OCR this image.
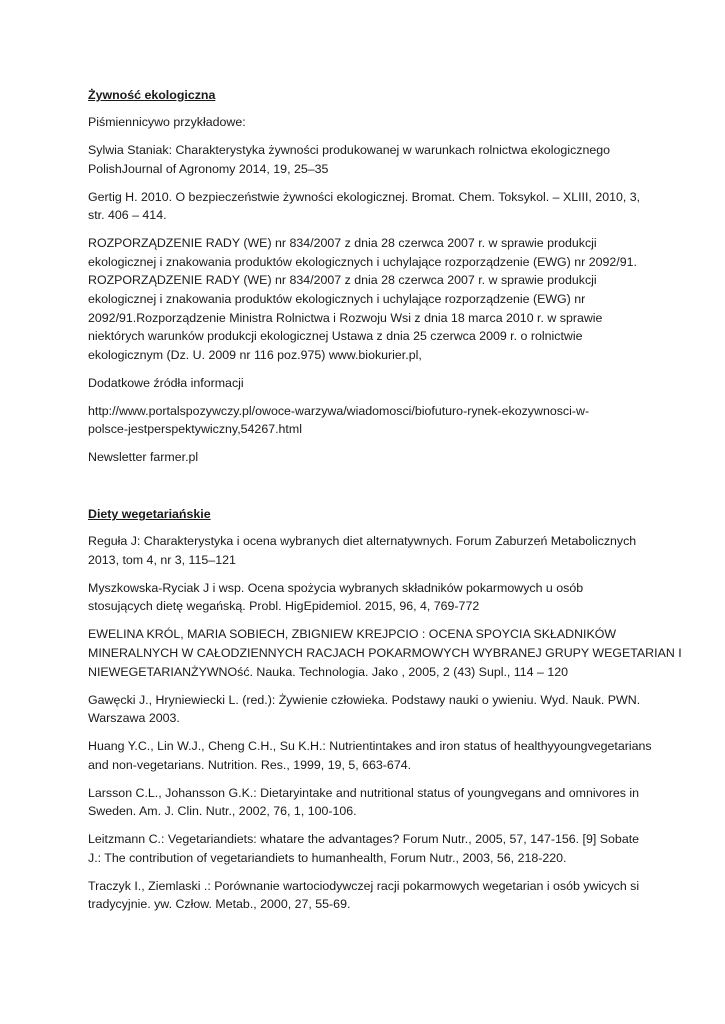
Żywność ekologiczna
Piśmiennicywo przykładowe:
Sylwia Staniak: Charakterystyka żywności produkowanej w warunkach rolnictwa ekologicznego
PolishJournal of Agronomy 2014, 19, 25–35
Gertig H. 2010. O bezpieczeństwie żywności ekologicznej. Bromat. Chem. Toksykol. – XLIII, 2010, 3,
str. 406 – 414.
ROZPORZĄDZENIE RADY (WE) nr 834/2007 z dnia 28 czerwca 2007 r. w sprawie produkcji
ekologicznej i znakowania produktów ekologicznych i uchylające rozporządzenie (EWG) nr 2092/91.
ROZPORZĄDZENIE RADY (WE) nr 834/2007 z dnia 28 czerwca 2007 r. w sprawie produkcji
ekologicznej i znakowania produktów ekologicznych i uchylające rozporządzenie (EWG) nr
2092/91.Rozporządzenie Ministra Rolnictwa i Rozwoju Wsi z dnia 18 marca 2010 r. w sprawie
niektórych warunków produkcji ekologicznej Ustawa z dnia 25 czerwca 2009 r. o rolnictwie
ekologicznym (Dz. U. 2009 nr 116 poz.975) www.biokurier.pl,
Dodatkowe źródła informacji
http://www.portalspozywczy.pl/owoce-warzywa/wiadomosci/biofuturo-rynek-ekozywnosci-w-
polsce-jestperspektywiczny,54267.html
Newsletter farmer.pl
Diety wegetariańskie
Reguła J: Charakterystyka i ocena wybranych diet alternatywnych. Forum Zaburzeń Metabolicznych
2013, tom 4, nr 3, 115–121
Myszkowska-Ryciak J i wsp. Ocena spożycia wybranych składników pokarmowych u osób
stosujących dietę wegańską. Probl. HigEpidemiol. 2015, 96, 4, 769-772
EWELINA KRÓL, MARIA SOBIECH, ZBIGNIEW KREJPCIO : OCENA SPOYCIA SKŁADNIKÓW
MINERALNYCH W CAŁODZIENNYCH RACJACH POKARMOWYCH WYBRANEJ GRUPY WEGETARIAN I
NIEWEGETARIANŻYWNOść. Nauka. Technologia. Jako , 2005, 2 (43) Supl., 114 – 120
Gawęcki J., Hryniewiecki L. (red.): Żywienie człowieka. Podstawy nauki o ywieniu. Wyd. Nauk. PWN.
Warszawa 2003.
Huang Y.C., Lin W.J., Cheng C.H., Su K.H.: Nutrientintakes and iron status of healthyyoungvegetarians
and non-vegetarians. Nutrition. Res., 1999, 19, 5, 663-674.
Larsson C.L., Johansson G.K.: Dietaryintake and nutritional status of youngvegans and omnivores in
Sweden. Am. J. Clin. Nutr., 2002, 76, 1, 100-106.
Leitzmann C.: Vegetariandiets: whatare the advantages? Forum Nutr., 2005, 57, 147-156. [9] Sobate
J.: The contribution of vegetariandiets to humanhealth, Forum Nutr., 2003, 56, 218-220.
Traczyk I., Ziemlaski .: Porównanie wartociodywczej racji pokarmowych wegetarian i osób ywicych si
tradycyjnie. yw. Człow. Metab., 2000, 27, 55-69.
